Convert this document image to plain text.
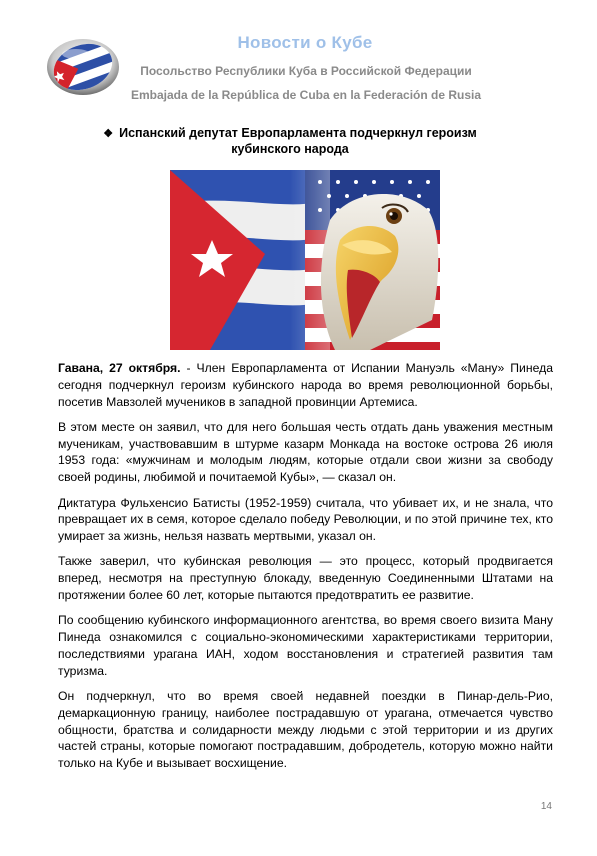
Новости о Кубе
Посольство Республики Куба в Российской Федерации
Embajada de la República de Cuba en la Federación de Rusia
❖ Испанский депутат Европарламента подчеркнул героизм кубинского народа

Гавана, 27 октября. - Член Европарламента от Испании Мануэль «Ману» Пинеда сегодня подчеркнул героизм кубинского народа во время революционной борьбы, посетив Мавзолей мучеников в западной провинции Артемиса.

В этом месте он заявил, что для него большая честь отдать дань уважения местным мученикам, участвовавшим в штурме казарм Монкада на востоке острова 26 июля 1953 года: «мужчинам и молодым людям, которые отдали свои жизни за свободу своей родины, любимой и почитаемой Кубы», — сказал он.

Диктатура Фульхенсио Батисты (1952-1959) считала, что убивает их, и не знала, что превращает их в семя, которое сделало победу Революции, и по этой причине тех, кто умирает за жизнь, нельзя назвать мертвыми, указал он.

Также заверил, что кубинская революция — это процесс, который продвигается вперед, несмотря на преступную блокаду, введенную Соединенными Штатами на протяжении более 60 лет, которые пытаются предотвратить ее развитие.

По сообщению кубинского информационного агентства, во время своего визита Ману Пинеда ознакомился с социально-экономическими характеристиками территории, последствиями урагана ИАН, ходом восстановления и стратегией развития там туризма.

Он подчеркнул, что во время своей недавней поездки в Пинар-дель-Рио, демаркационную границу, наиболее пострадавшую от урагана, отмечается чувство общности, братства и солидарности между людьми с этой территории и из других частей страны, которые помогают пострадавшим, добродетель, которую можно найти только на Кубе и вызывает восхищение.

14
